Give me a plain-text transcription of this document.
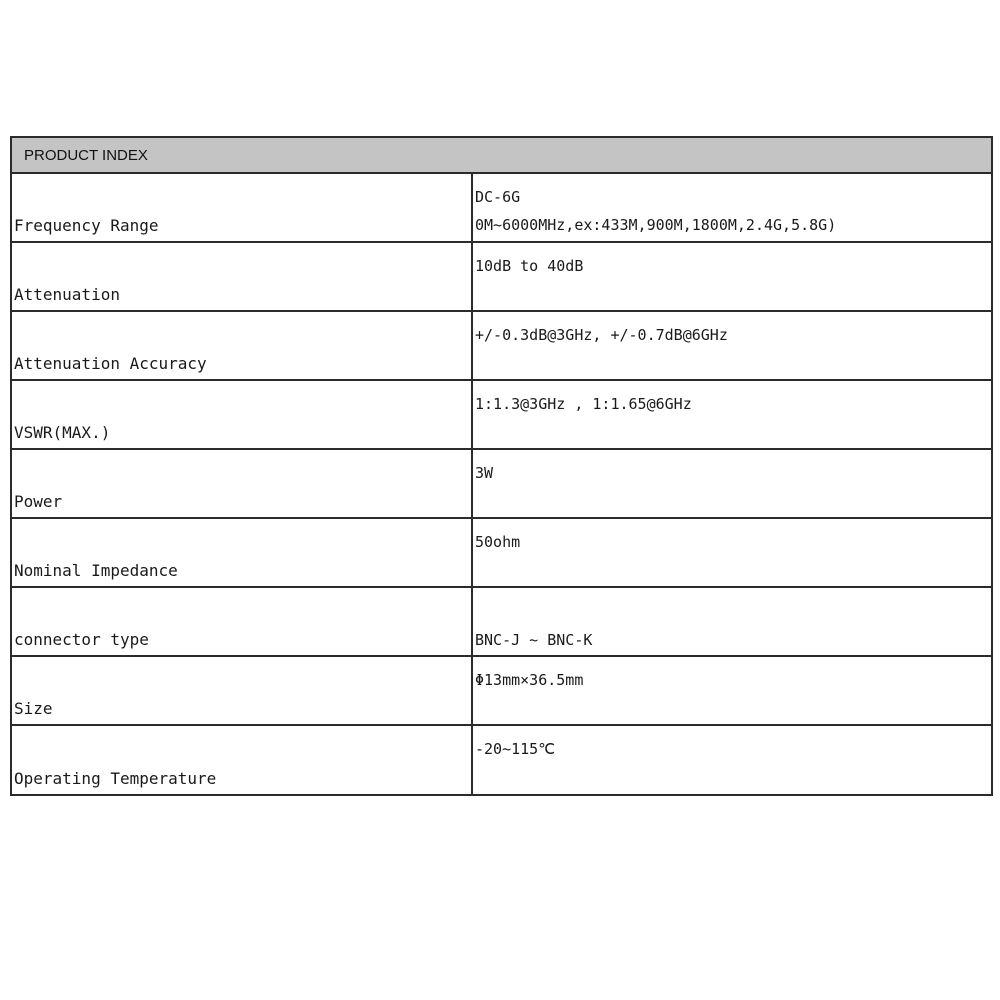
PRODUCT INDEX
Frequency Range
DC-6G
0M~6000MHz,ex:433M,900M,1800M,2.4G,5.8G)
Attenuation
10dB to 40dB
Attenuation Accuracy
+/-0.3dB@3GHz, +/-0.7dB@6GHz
VSWR(MAX.)
1:1.3@3GHz , 1:1.65@6GHz
Power
3W
Nominal Impedance
50ohm
connector type	BNC-J ~ BNC-K
Size
Φ13mm×36.5mm
Operating Temperature
-20~115℃
